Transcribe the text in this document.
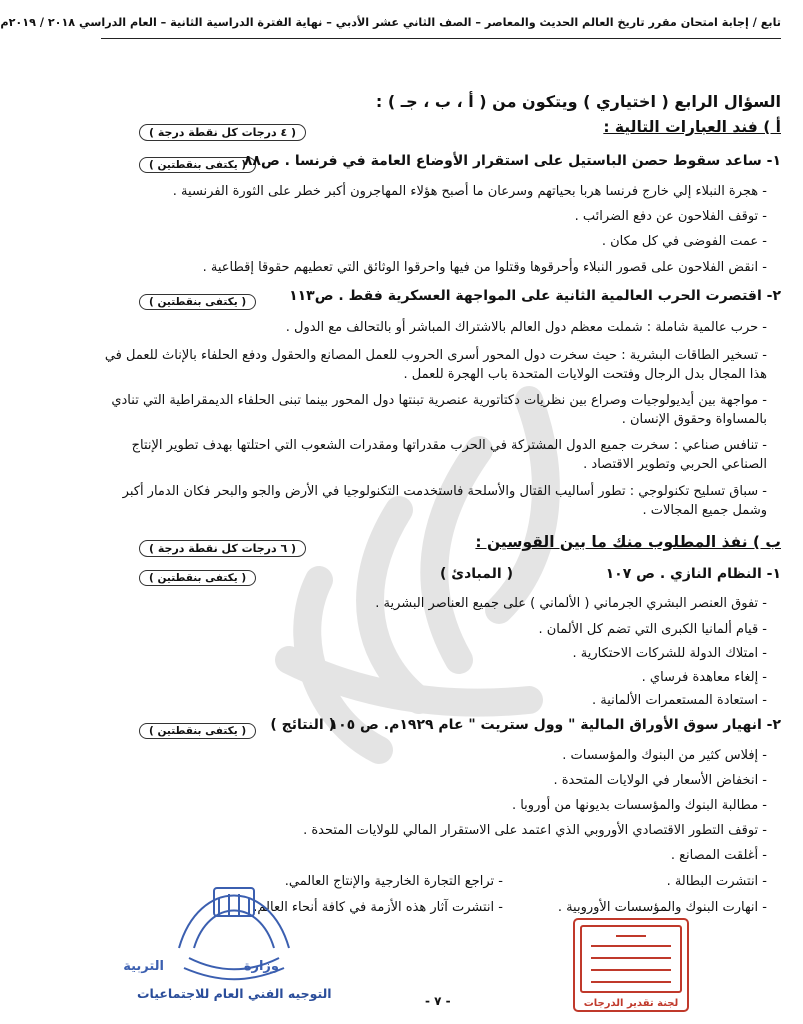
تابع / إجابة امتحان مقرر تاريخ العالم الحديث والمعاصر – الصف الثاني عشر الأدبي – نهاية الفترة الدراسية الثانية – العام الدراسي ٢٠١٨ / ٢٠١٩م
السؤال الرابع ( اختياري ) ويتكون من ( أ ، ب ، جـ ) :
( ٤ درجات كل نقطة درجة )	أ ) فند العبارات التالية :
( يكتفى بنقطتين )
١- ساعد سقوط حصن الباستيل على استقرار الأوضاع العامة في فرنسا . ص٨٨
- هجرة النبلاء إلي خارج فرنسا هربا بحياتهم وسرعان ما أصبح هؤلاء المهاجرون أكبر خطر على الثورة الفرنسية .
- توقف الفلاحون عن دفع الضرائب .
- عمت الفوضى في كل مكان .
- انقض الفلاحون على قصور النبلاء وأحرقوها وقتلوا من فيها واحرقوا الوثائق التي تعطيهم حقوقا إقطاعية .
( يكتفى بنقطتين )	٢- اقتصرت الحرب العالمية الثانية على المواجهة العسكرية فقط . ص١١٣
- حرب عالمية شاملة : شملت معظم دول العالم بالاشتراك المباشر أو بالتحالف مع الدول .
- تسخير الطاقات البشرية : حيث سخرت دول المحور أسرى الحروب للعمل المصانع والحقول ودفع الحلفاء بالإناث للعمل في هذا المجال بدل الرجال وفتحت الولايات المتحدة باب الهجرة للعمل .
- مواجهة بين أيديولوجيات وصراع بين نظريات دكتاتورية عنصرية تبنتها دول المحور بينما تبنى الحلفاء الديمقراطية التي تنادي بالمساواة وحقوق الإنسان .
- تنافس صناعي : سخرت جميع الدول المشتركة في الحرب مقدراتها ومقدرات الشعوب التي احتلتها بهدف تطوير الإنتاج الصناعي الحربي وتطوير الاقتصاد .
- سباق تسليح تكنولوجي : تطور أساليب القتال والأسلحة فاستخدمت التكنولوجيا في الأرض والجو والبحر فكان الدمار أكبر وشمل جميع المجالات .
( ٦ درجات كل نقطة درجة )	ب ) نفذ المطلوب منك ما بين القوسين :
( يكتفى بنقطتين )	( المبادئ )	١- النظام النازي . ص ١٠٧
- تفوق العنصر البشري الجرماني ( الألماني ) على جميع العناصر البشرية .
- قيام ألمانيا الكبرى التي تضم كل الألمان .
- امتلاك الدولة للشركات الاحتكارية .
- إلغاء معاهدة فرساي .
- استعادة المستعمرات الألمانية .
( يكتفى بنقطتين )	( النتائج )
٢- انهيار سوق الأوراق المالية " وول ستريت " عام ١٩٢٩م. ص ١٠٥
- إفلاس كثير من البنوك والمؤسسات .
- انخفاض الأسعار في الولايات المتحدة .
- مطالبة البنوك والمؤسسات بديونها من أوروبا .
- توقف التطور الاقتصادي الأوروبي الذي اعتمد على الاستقرار المالي للولايات المتحدة .
- أغلقت المصانع .
- انتشرت البطالة .
- انهارت البنوك والمؤسسات الأوروبية .
- تراجع التجارة الخارجية والإنتاج العالمي.
- انتشرت آثار هذه الأزمة في كافة أنحاء العالم.
وزارة
التربية
التوجيه الفني العام للاجتماعيات
لجنة تقدير الدرجات
- ٧ -
